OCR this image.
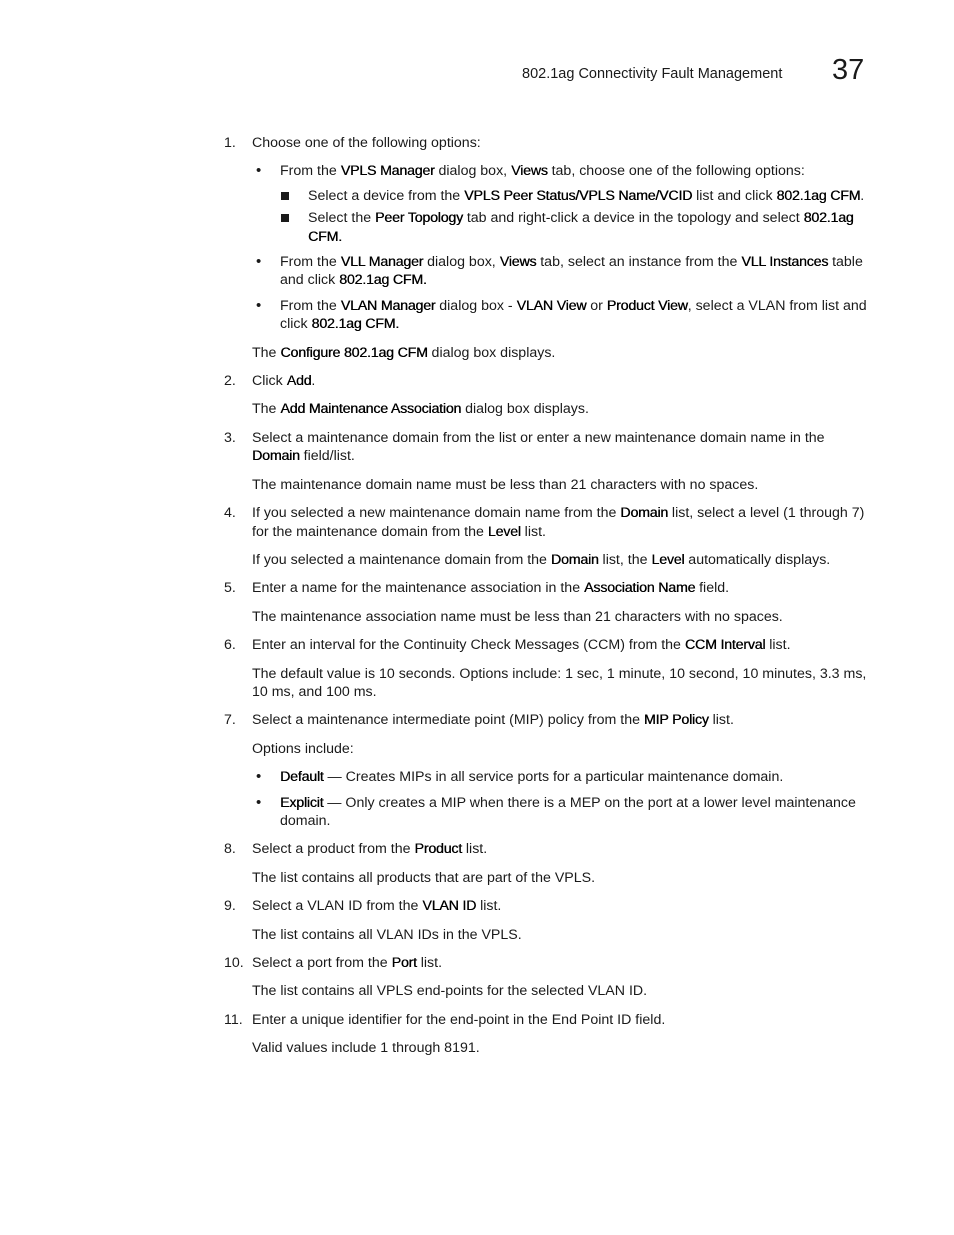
802.1ag Connectivity Fault Management 37
1. Choose one of the following options:

• From the VPLS Manager dialog box, Views tab, choose one of the following options:
Select a device from the VPLS Peer Status/VPLS Name/VCID list and click 802.1ag CFM.
Select the Peer Topology tab and right-click a device in the topology and select 802.1ag CFM.
• From the VLL Manager dialog box, Views tab, select an instance from the VLL Instances table and click 802.1ag CFM.
• From the VLAN Manager dialog box - VLAN View or Product View, select a VLAN from list and click 802.1ag CFM.

The Configure 802.1ag CFM dialog box displays.

2. Click Add.

The Add Maintenance Association dialog box displays.

3. Select a maintenance domain from the list or enter a new maintenance domain name in the Domain field/list.

The maintenance domain name must be less than 21 characters with no spaces.

4. If you selected a new maintenance domain name from the Domain list, select a level (1 through 7) for the maintenance domain from the Level list.

If you selected a maintenance domain from the Domain list, the Level automatically displays.

5. Enter a name for the maintenance association in the Association Name field.

The maintenance association name must be less than 21 characters with no spaces.

6. Enter an interval for the Continuity Check Messages (CCM) from the CCM Interval list.

The default value is 10 seconds. Options include: 1 sec, 1 minute, 10 second, 10 minutes, 3.3 ms, 10 ms, and 100 ms.

7. Select a maintenance intermediate point (MIP) policy from the MIP Policy list.

Options include:

• Default — Creates MIPs in all service ports for a particular maintenance domain.
• Explicit — Only creates a MIP when there is a MEP on the port at a lower level maintenance domain.
8. Select a product from the Product list.

The list contains all products that are part of the VPLS.

9. Select a VLAN ID from the VLAN ID list.

The list contains all VLAN IDs in the VPLS.

10. Select a port from the Port list.

The list contains all VPLS end-points for the selected VLAN ID.

11. Enter a unique identifier for the end-point in the End Point ID field.

Valid values include 1 through 8191.
